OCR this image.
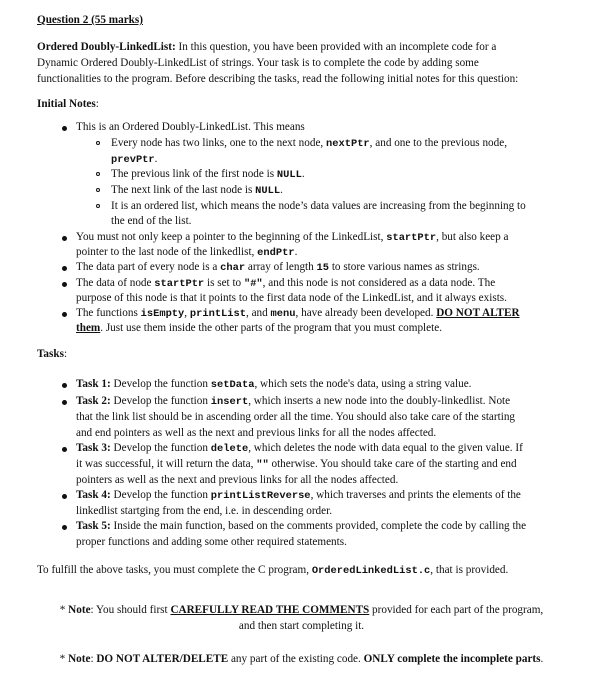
Question 2 (55 marks)
Ordered Doubly-LinkedList: In this question, you have been provided with an incomplete code for a
Dynamic Ordered Doubly-LinkedList of strings. Your task is to complete the code by adding some
functionalities to the program. Before describing the tasks, read the following initial notes for this question:
Initial Notes:
This is an Ordered Doubly-LinkedList. This means
Every node has two links, one to the next node, nextPtr, and one to the previous node,
prevPtr.
The previous link of the first node is NULL.
The next link of the last node is NULL.
It is an ordered list, which means the node’s data values are increasing from the beginning to
the end of the list.
You must not only keep a pointer to the beginning of the LinkedList, startPtr, but also keep a
pointer to the last node of the linkedlist, endPtr.
The data part of every node is a char array of length 15 to store various names as strings.
The data of node startPtr is set to "#", and this node is not considered as a data node. The
purpose of this node is that it points to the first data node of the LinkedList, and it always exists.
The functions isEmpty, printList, and menu, have already been developed. DO NOT ALTER
them. Just use them inside the other parts of the program that you must complete.
Tasks:
Task 1: Develop the function setData, which sets the node's data, using a string value.
Task 2: Develop the function insert, which inserts a new node into the doubly-linkedlist. Note
that the link list should be in ascending order all the time. You should also take care of the starting
and end pointers as well as the next and previous links for all the nodes affected.
Task 3: Develop the function delete, which deletes the node with data equal to the given value. If
it was successful, it will return the data, "" otherwise. You should take care of the starting and end
pointers as well as the next and previous links for all the nodes affected.
Task 4: Develop the function printListReverse, which traverses and prints the elements of the
linkedlist startging from the end, i.e. in descending order.
Task 5: Inside the main function, based on the comments provided, complete the code by calling the
proper functions and adding some other required statements.
To fulfill the above tasks, you must complete the C program, OrderedLinkedList.c, that is provided.
* Note: You should first CAREFULLY READ THE COMMENTS provided for each part of the program,
and then start completing it.
* Note: DO NOT ALTER/DELETE any part of the existing code. ONLY complete the incomplete parts.
